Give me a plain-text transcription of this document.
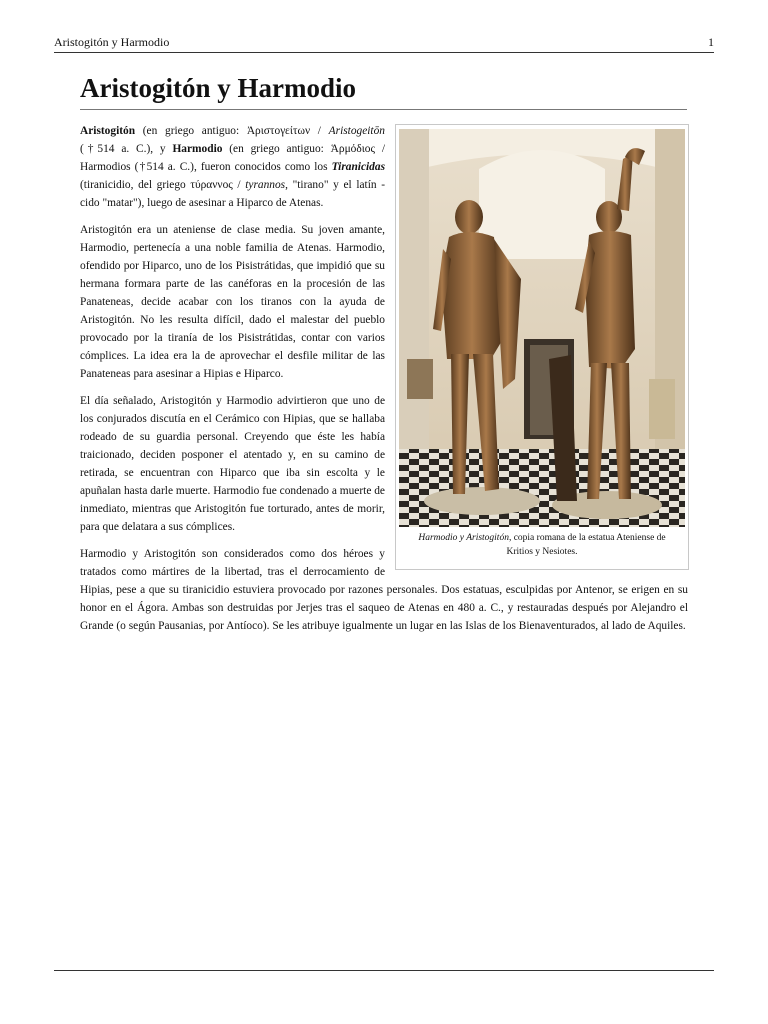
Aristogitón y Harmodio	1
Aristogitón y Harmodio
Harmodio y Aristogitón, copia romana de la estatua Ateniense de Kritios y Nesiotes.

Aristogitón (en griego antiguo: Ἀριστογείτων / Aristogeitōn (†514 a. C.), y Harmodio (en griego antiguo: Ἁρμόδιος / Harmodios (†514 a. C.), fueron conocidos como los Tiranicidas (tiranicidio, del griego τύραννος / tyrannos, "tirano" y el latín -cido "matar"), luego de asesinar a Hiparco de Atenas.

Aristogitón era un ateniense de clase media. Su joven amante, Harmodio, pertenecía a una noble familia de Atenas. Harmodio, ofendido por Hiparco, uno de los Pisistrátidas, que impidió que su hermana formara parte de las canéforas en la procesión de las Panateneas, decide acabar con los tiranos con la ayuda de Aristogitón. No les resulta difícil, dado el malestar del pueblo provocado por la tiranía de los Pisistrátidas, contar con varios cómplices. La idea era la de aprovechar el desfile militar de las Panateneas para asesinar a Hipias e Hiparco.

El día señalado, Aristogitón y Harmodio advirtieron que uno de los conjurados discutía en el Cerámico con Hipias, que se hallaba rodeado de su guardia personal. Creyendo que éste les había traicionado, deciden posponer el atentado y, en su camino de retirada, se encuentran con Hiparco que iba sin escolta y le apuñalan hasta darle muerte. Harmodio fue condenado a muerte de inmediato, mientras que Aristogitón fue torturado, antes de morir, para que delatara a sus cómplices.

Harmodio y Aristogitón son considerados como dos héroes y tratados como mártires de la libertad, tras el derrocamiento de Hipias, pese a que su tiranicidio estuviera provocado por razones personales. Dos estatuas, esculpidas por Antenor, se erigen en su honor en el Ágora. Ambas son destruidas por Jerjes tras el saqueo de Atenas en 480 a. C., y restauradas después por Alejandro el Grande (o según Pausanias, por Antíoco). Se les atribuye igualmente un lugar en las Islas de los Bienaventurados, al lado de Aquiles.
